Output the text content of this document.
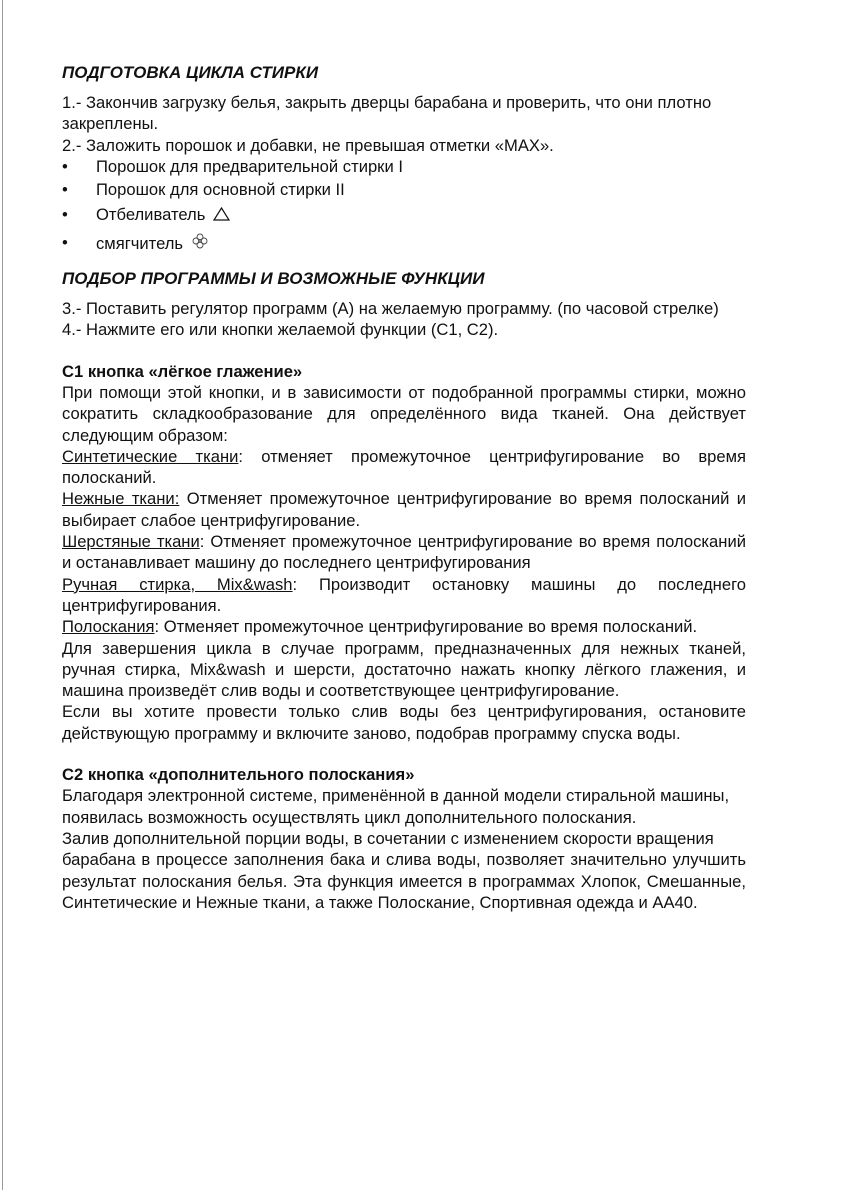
ПОДГОТОВКА ЦИКЛА СТИРКИ

1.- Закончив загрузку белья, закрыть дверцы барабана и проверить, что они плотно закреплены.

2.- Заложить порошок и добавки, не превышая отметки «MAX».

• Порошок для предварительной стирки I
• Порошок для основной стирки II
• Отбеливатель
• смягчитель
ПОДБОР ПРОГРАММЫ И ВОЗМОЖНЫЕ ФУНКЦИИ

3.- Поставить регулятор программ (A) на желаемую программу. (по часовой стрелке)

4.- Нажмите его или кнопки желаемой функции (C1, C2).

C1 кнопка «лёгкое глажение»

При помощи этой кнопки, и в зависимости от подобранной программы стирки, можно сократить складкообразование для определённого вида тканей. Она действует следующим образом:

Синтетические ткани: отменяет промежуточное центрифугирование во время полосканий.

Нежные ткани: Отменяет промежуточное центрифугирование во время полосканий и выбирает слабое центрифугирование.

Шерстяные ткани: Отменяет промежуточное центрифугирование во время полосканий и останавливает машину до последнего центрифугирования

Ручная стирка, Mix&wash: Производит остановку машины до последнего центрифугирования.

Полоскания: Отменяет промежуточное центрифугирование во время полосканий.

Для завершения цикла в случае программ, предназначенных для нежных тканей, ручная стирка, Mix&wash и шерсти, достаточно нажать кнопку лёгкого глажения, и машина произведёт слив воды и соответствующее центрифугирование.

Если вы хотите провести только слив воды без центрифугирования, остановите действующую программу и включите заново, подобрав программу спуска воды.

C2 кнопка «дополнительного полоскания»

Благодаря электронной системе, применённой в данной модели стиральной машины,

появилась возможность осуществлять цикл дополнительного полоскания.

Залив дополнительной порции воды, в сочетании с изменением скорости вращения

барабана в процессе заполнения бака и слива воды, позволяет значительно улучшить результат полоскания белья. Эта функция имеется в программах Хлопок, Смешанные, Синтетические и Нежные ткани, а также Полоскание, Спортивная одежда и AA40.
